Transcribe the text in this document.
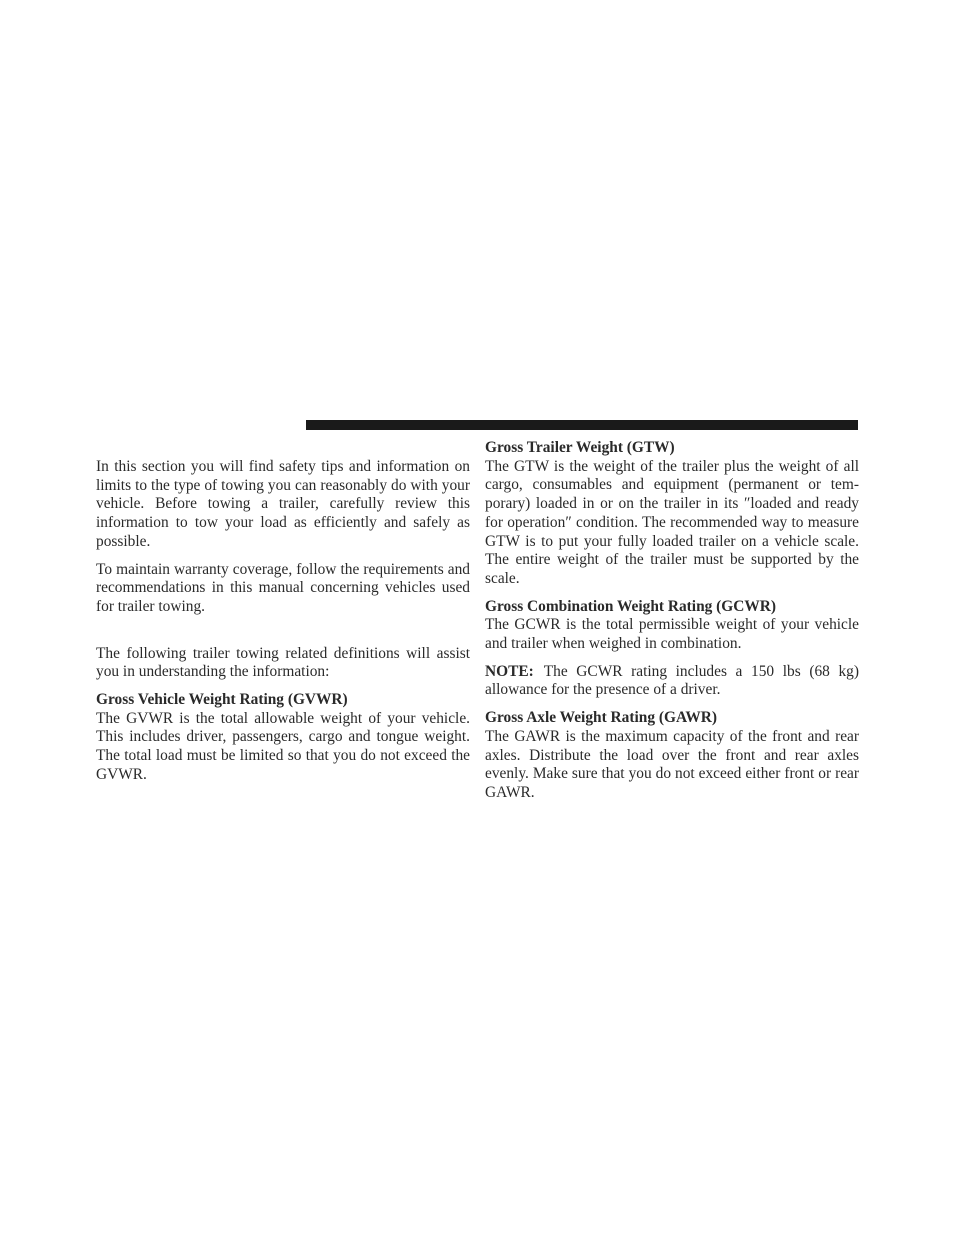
In this section you will find safety tips and information on limits to the type of towing you can reasonably do with your vehicle. Before towing a trailer, carefully review this information to tow your load as efficiently and safely as possible.

To maintain warranty coverage, follow the requirements and recommendations in this manual concerning vehicles used for trailer towing.

The following trailer towing related definitions will assist you in understanding the information:

Gross Vehicle Weight Rating (GVWR)

The GVWR is the total allowable weight of your vehicle. This includes driver, passengers, cargo and tongue weight. The total load must be limited so that you do not exceed the GVWR.

Gross Trailer Weight (GTW)

The GTW is the weight of the trailer plus the weight of all cargo, consumables and equipment (permanent or temporary) loaded in or on the trailer in its ″loaded and ready for operation″ condition. The recommended way to measure GTW is to put your fully loaded trailer on a vehicle scale. The entire weight of the trailer must be supported by the scale.

Gross Combination Weight Rating (GCWR)

The GCWR is the total permissible weight of your vehicle and trailer when weighed in combination.

NOTE: The GCWR rating includes a 150 lbs (68 kg) allowance for the presence of a driver.

Gross Axle Weight Rating (GAWR)

The GAWR is the maximum capacity of the front and rear axles. Distribute the load over the front and rear axles evenly. Make sure that you do not exceed either front or rear GAWR.
